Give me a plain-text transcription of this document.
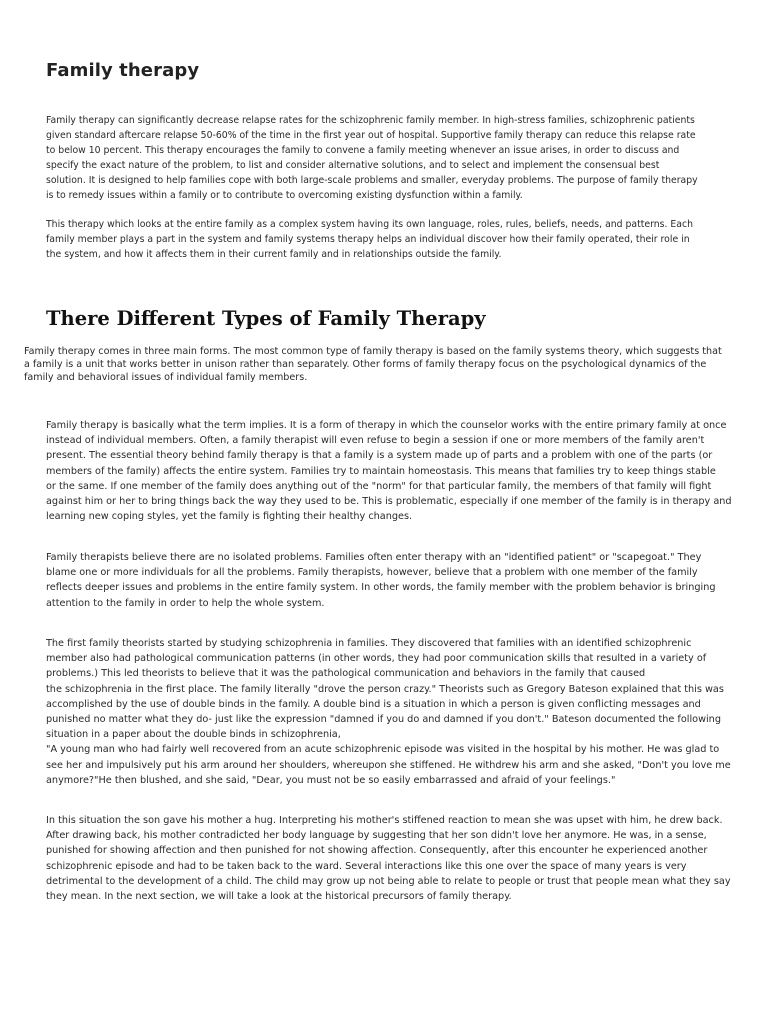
Family therapy

Family therapy can significantly decrease relapse rates for the schizophrenic family member. In high-stress families, schizophrenic patients
given standard aftercare relapse 50-60% of the time in the first year out of hospital. Supportive family therapy can reduce this relapse rate
to below 10 percent. This therapy encourages the family to convene a family meeting whenever an issue arises, in order to discuss and
specify the exact nature of the problem, to list and consider alternative solutions, and to select and implement the consensual best
solution. It is designed to help families cope with both large-scale problems and smaller, everyday problems. The purpose of family therapy
is to remedy issues within a family or to contribute to overcoming existing dysfunction within a family.

This therapy which looks at the entire family as a complex system having its own language, roles, rules, beliefs, needs, and patterns. Each
family member plays a part in the system and family systems therapy helps an individual discover how their family operated, their role in
the system, and how it affects them in their current family and in relationships outside the family.

There Different Types of Family Therapy

Family therapy comes in three main forms. The most common type of family therapy is based on the family systems theory, which suggests that
a family is a unit that works better in unison rather than separately. Other forms of family therapy focus on the psychological dynamics of the
family and behavioral issues of individual family members.

Family therapy is basically what the term implies. It is a form of therapy in which the counselor works with the entire primary family at once
instead of individual members. Often, a family therapist will even refuse to begin a session if one or more members of the family aren't
present. The essential theory behind family therapy is that a family is a system made up of parts and a problem with one of the parts (or
members of the family) affects the entire system. Families try to maintain homeostasis. This means that families try to keep things stable
or the same. If one member of the family does anything out of the "norm" for that particular family, the members of that family will fight
against him or her to bring things back the way they used to be. This is problematic, especially if one member of the family is in therapy and
learning new coping styles, yet the family is fighting their healthy changes.

Family therapists believe there are no isolated problems. Families often enter therapy with an "identified patient" or "scapegoat." They
blame one or more individuals for all the problems. Family therapists, however, believe that a problem with one member of the family
reflects deeper issues and problems in the entire family system. In other words, the family member with the problem behavior is bringing
attention to the family in order to help the whole system.

The first family theorists started by studying schizophrenia in families. They discovered that families with an identified schizophrenic
member also had pathological communication patterns (in other words, they had poor communication skills that resulted in a variety of
problems.) This led theorists to believe that it was the pathological communication and behaviors in the family that caused
the schizophrenia in the first place. The family literally "drove the person crazy." Theorists such as Gregory Bateson explained that this was
accomplished by the use of double binds in the family. A double bind is a situation in which a person is given conflicting messages and
punished no matter what they do- just like the expression "damned if you do and damned if you don't." Bateson documented the following
situation in a paper about the double binds in schizophrenia,
"A young man who had fairly well recovered from an acute schizophrenic episode was visited in the hospital by his mother. He was glad to
see her and impulsively put his arm around her shoulders, whereupon she stiffened. He withdrew his arm and she asked, "Don't you love me
anymore?"He then blushed, and she said, "Dear, you must not be so easily embarrassed and afraid of your feelings."

In this situation the son gave his mother a hug. Interpreting his mother's stiffened reaction to mean she was upset with him, he drew back.
After drawing back, his mother contradicted her body language by suggesting that her son didn't love her anymore. He was, in a sense,
punished for showing affection and then punished for not showing affection. Consequently, after this encounter he experienced another
schizophrenic episode and had to be taken back to the ward. Several interactions like this one over the space of many years is very
detrimental to the development of a child. The child may grow up not being able to relate to people or trust that people mean what they say
they mean. In the next section, we will take a look at the historical precursors of family therapy.
